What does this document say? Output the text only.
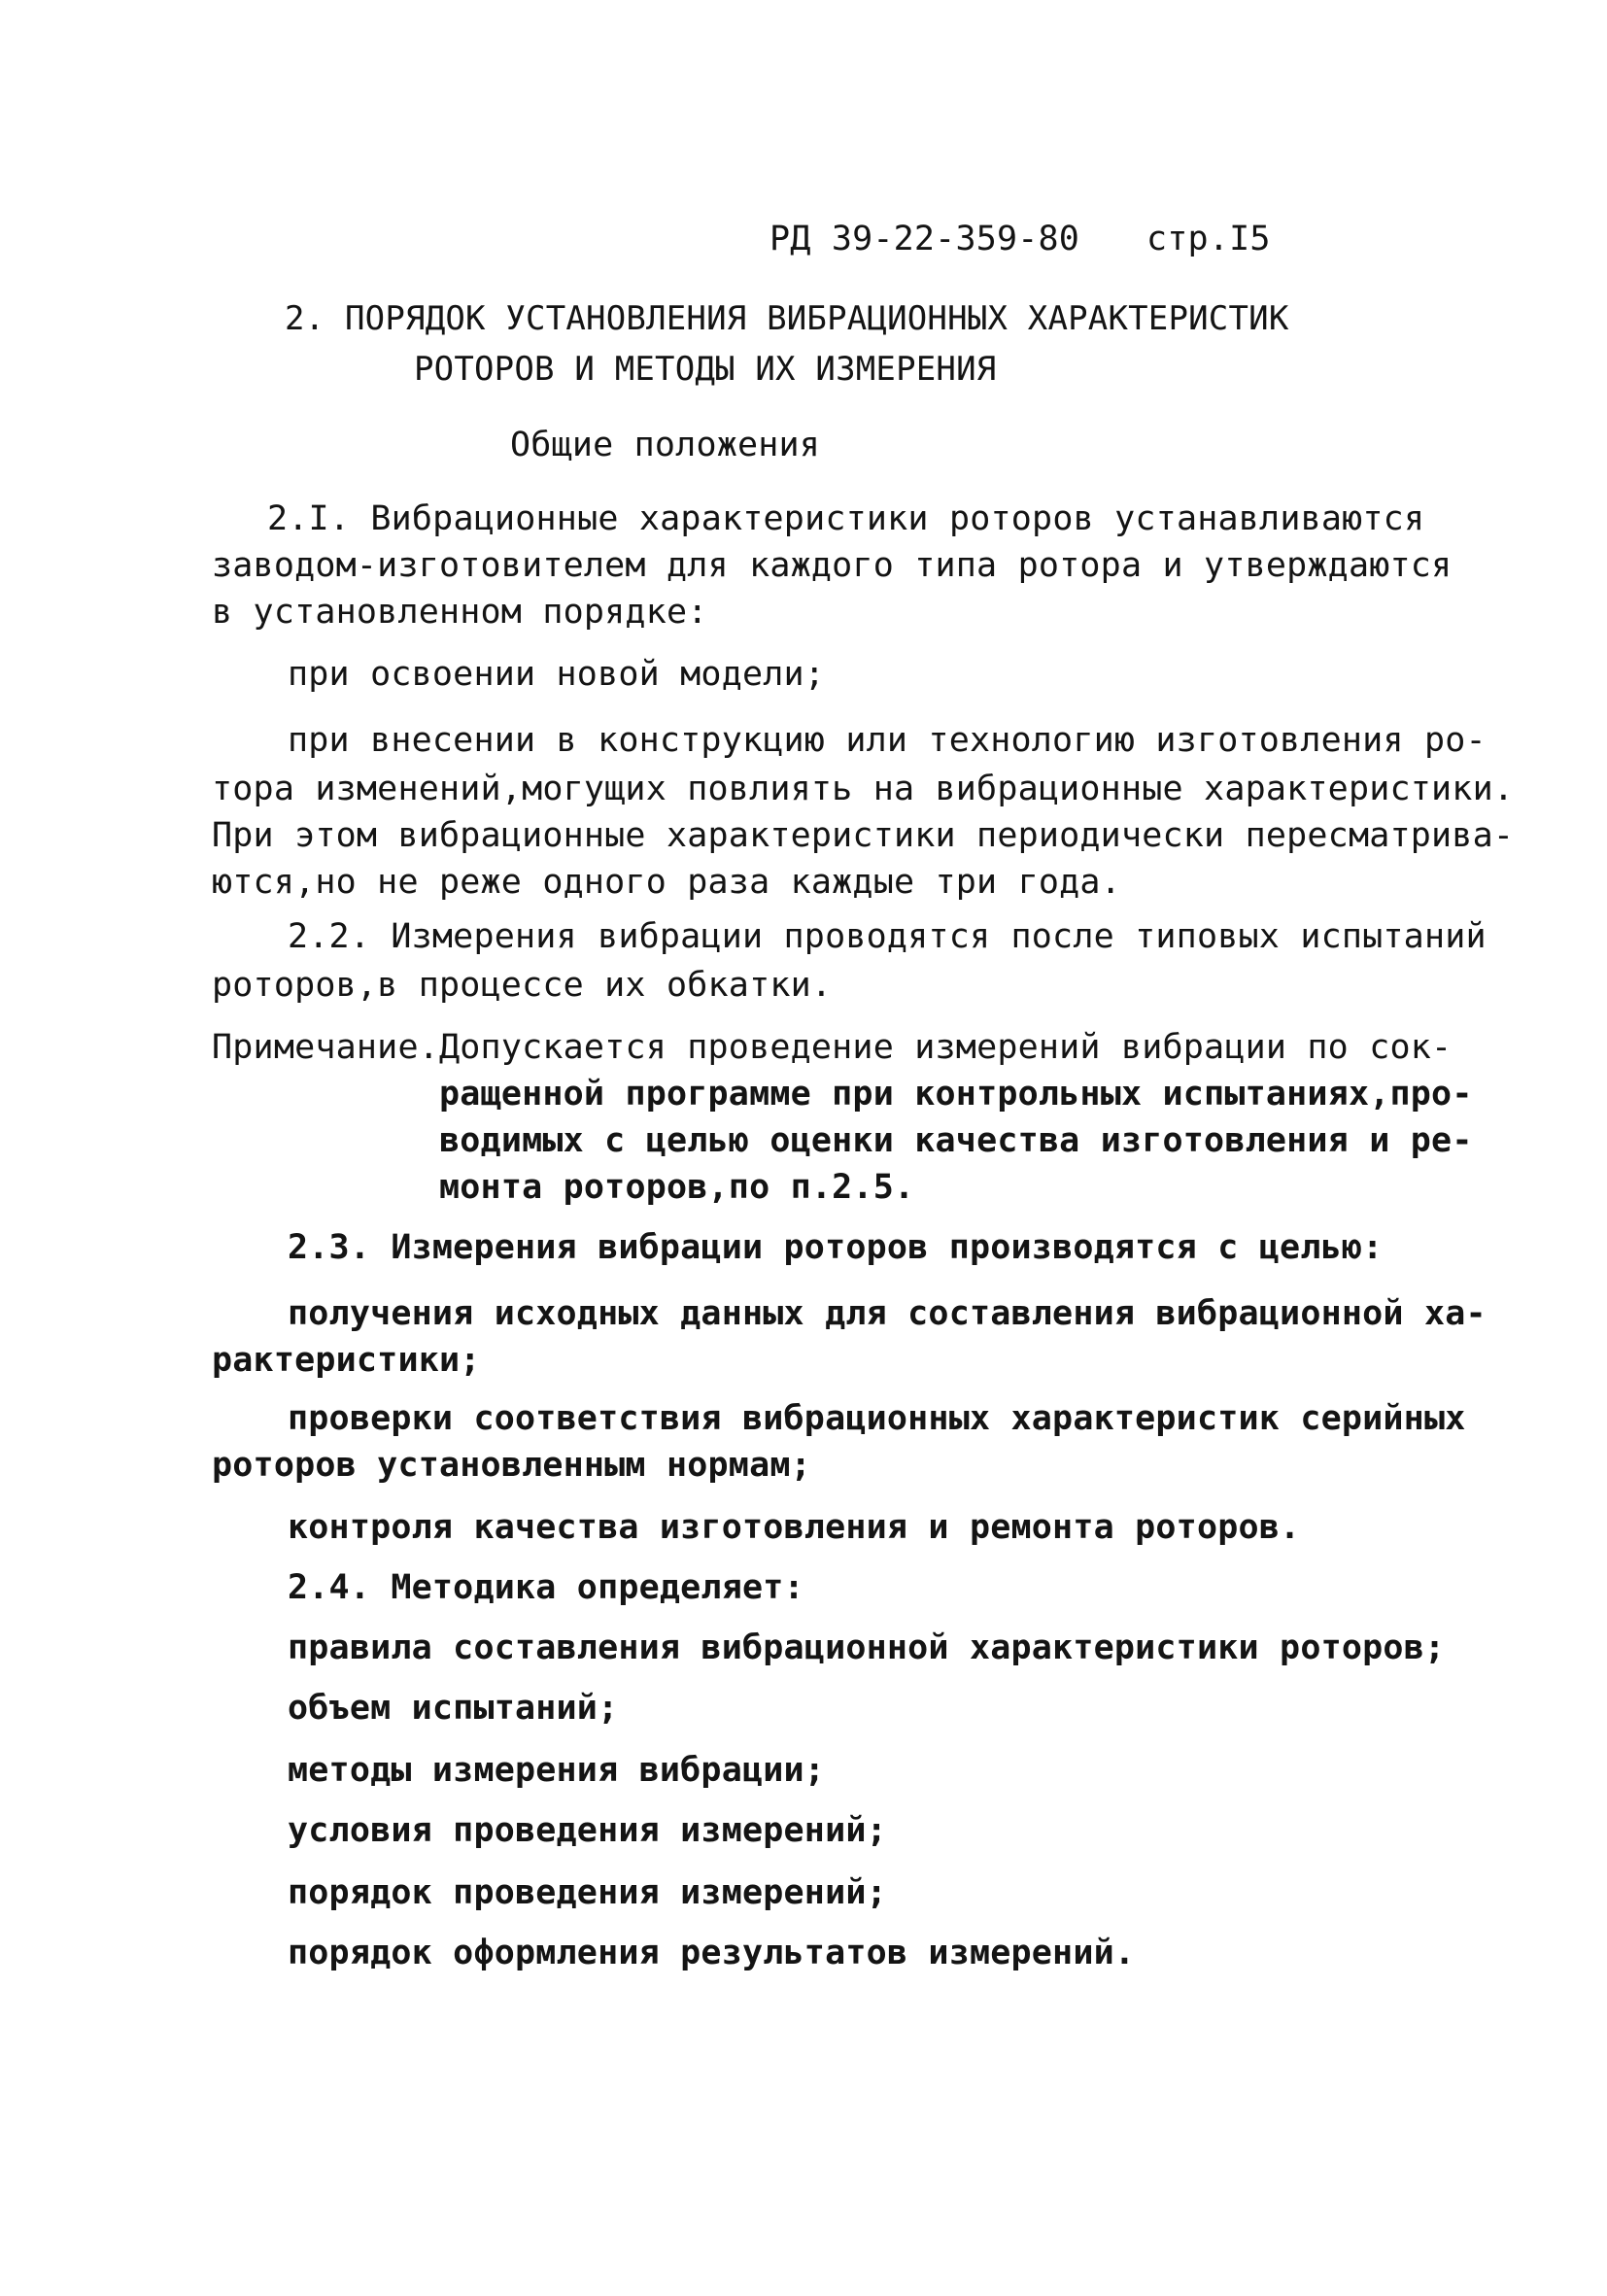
РД 39-22-359-80 стр.I5
2. ПОРЯДОК УСТАНОВЛЕНИЯ ВИБРАЦИОННЫХ ХАРАКТЕРИСТИК
РОТОРОВ И МЕТОДЫ ИХ ИЗМЕРЕНИЯ
Общие положения
2.I. Вибрационные характеристики роторов устанавливаются
заводом-изготовителем для каждого типа ротора и утверждаются
в установленном порядке:
при освоении новой модели;
при внесении в конструкцию или технологию изготовления ро-
тора изменений,могущих повлиять на вибрационные характеристики.
При этом вибрационные характеристики периодически пересматрива-
ются,но не реже одного раза каждые три года.
2.2. Измерения вибрации проводятся после типовых испытаний
роторов,в процессе их обкатки.
Примечание. Допускается проведение измерений вибрации по сок-
ращенной программе при контрольных испытаниях,про-
водимых с целью оценки качества изготовления и ре-
монта роторов,по п.2.5.
2.3. Измерения вибрации роторов производятся с целью:
получения исходных данных для составления вибрационной ха-
рактеристики;
проверки соответствия вибрационных характеристик серийных
роторов установленным нормам;
контроля качества изготовления и ремонта роторов.
2.4. Методика определяет:
правила составления вибрационной характеристики роторов;
объем испытаний;
методы измерения вибрации;
условия проведения измерений;
порядок проведения измерений;
порядок оформления результатов измерений.
